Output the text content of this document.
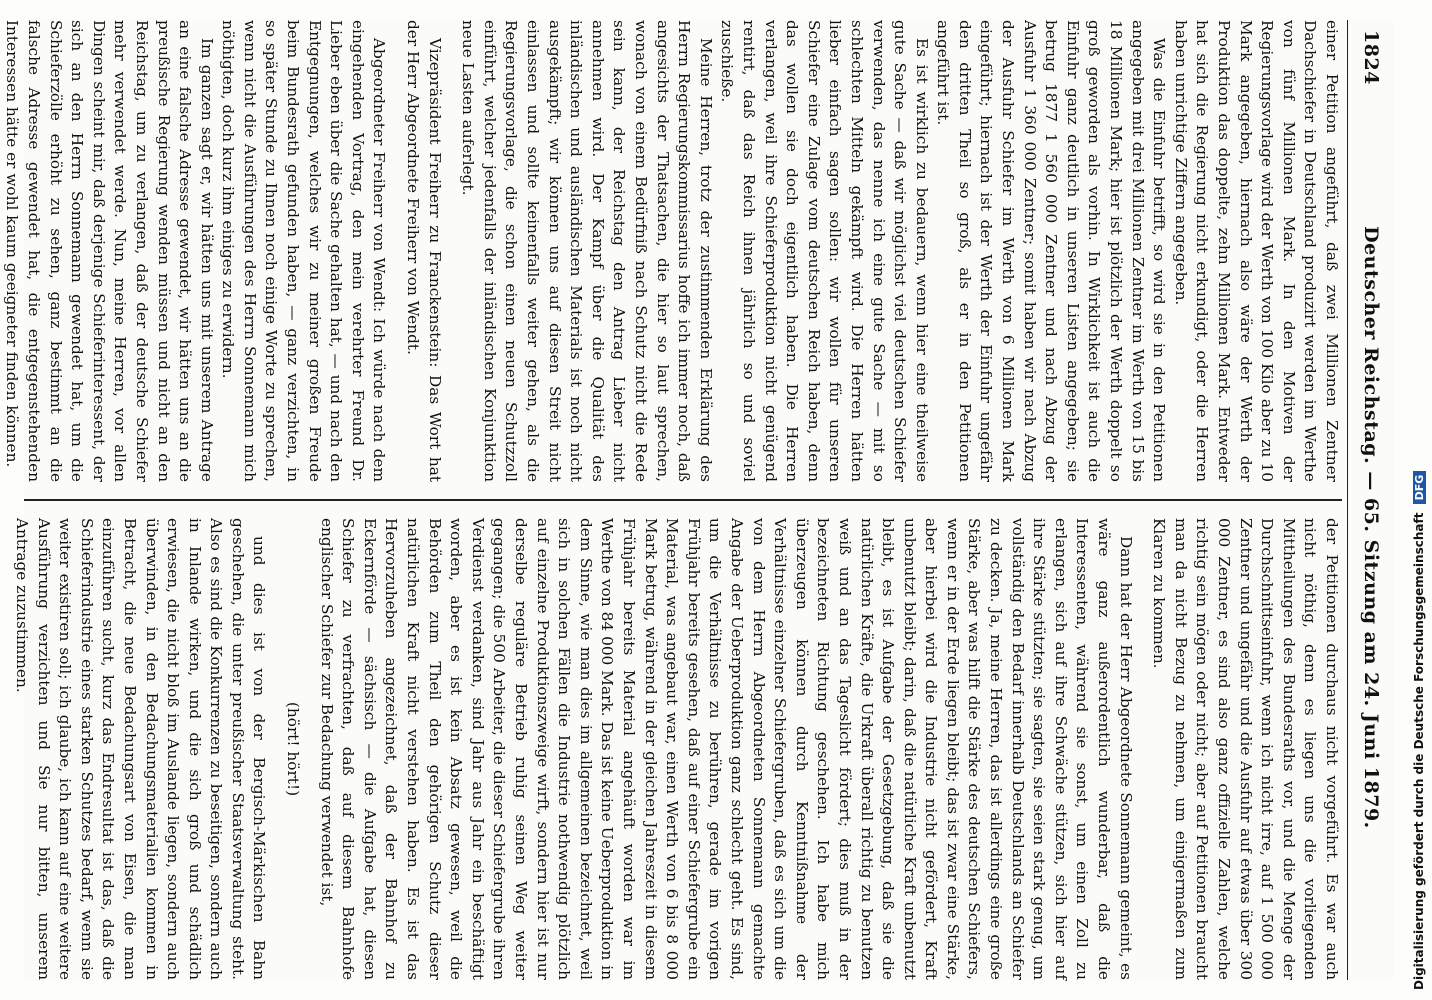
1824
Deutscher Reichstag. — 65. Sitzung am 24. Juni 1879.

einer Petition angeführt, daß zwei Millionen Zentner Dachschiefer in Deutschland produzirt werden im Werthe von fünf Millionen Mark. In den Motiven der Regierungsvorlage wird der Werth von 100 Kilo aber zu 10 Mark angegeben, hiernach also wäre der Werth der Produktion das doppelte, zehn Millionen Mark. Entweder hat sich die Regierung nicht erkundigt, oder die Herren haben unrichtige Ziffern angegeben.

Was die Einfuhr betrifft, so wird sie in den Petitionen angegeben mit drei Millionen Zentner im Werth von 15 bis 18 Millionen Mark; hier ist plötzlich der Werth doppelt so groß geworden als vorhin. In Wirklichkeit ist auch die Einfuhr ganz deutlich in unseren Listen angegeben; sie betrug 1877 1 560 000 Zentner und nach Abzug der Ausfuhr 1 360 000 Zentner; somit haben wir nach Abzug der Ausfuhr Schiefer im Werth von 6 Millionen Mark eingeführt; hiernach ist der Werth der Einfuhr ungefähr den dritten Theil so groß, als er in den Petitionen angeführt ist.

Es ist wirklich zu bedauern, wenn hier eine theilweise gute Sache — daß wir möglichst viel deutschen Schiefer verwenden, das nenne ich eine gute Sache — mit so schlechten Mitteln gekämpft wird. Die Herren hätten lieber einfach sagen sollen: wir wollen für unseren Schiefer eine Zulage vom deutschen Reich haben, denn das wollen sie doch eigentlich haben. Die Herren verlangen, weil ihre Schieferproduktion nicht genügend rentirt, daß das Reich ihnen jährlich so und soviel zuschieße.

Meine Herren, trotz der zustimmenden Erklärung des Herrn Regierungskommissarius hoffe ich immer noch, daß angesichts der Thatsachen, die hier so laut sprechen, wonach von einem Bedürfniß nach Schutz nicht die Rede sein kann, der Reichstag den Antrag Lieber nicht annehmen wird. Der Kampf über die Qualität des inländischen und ausländischen Materials ist noch nicht ausgekämpft; wir können uns auf diesen Streit nicht einlassen und sollte keinenfalls weiter gehen, als die Regierungsvorlage, die schon einen neuen Schutzzoll einführt, welcher jedenfalls der inländischen Konjunktion neue Lasten auferlegt.

Vizepräsident Freiherr zu Franckenstein: Das Wort hat der Herr Abgeordnete Freiherr von Wendt.

Abgeordneter Freiherr von Wendt: Ich würde nach dem eingehenden Vortrag, den mein verehrter Freund Dr. Lieber eben über die Sache gehalten hat, — und nach den Entgegnungen, welches wir zu meiner großen Freude beim Bundesrath gefunden haben, — ganz verzichten, in so später Stunde zu Ihnen noch einige Worte zu sprechen, wenn nicht die Ausführungen des Herrn Sonnemann mich nöthigten, doch kurz ihm einiges zu erwidern.

Im ganzen sagt er, wir hätten uns mit unserem Antrage an eine falsche Adresse gewendet, wir hätten uns an die preußische Regierung wenden müssen und nicht an den Reichstag, um zu verlangen, daß der deutsche Schiefer mehr verwendet werde. Nun, meine Herren, vor allen Dingen scheint mir, daß derjenige Schieferinteressent, der sich an den Herrn Sonnemann gewendet hat, um die Schieferzölle erhöht zu sehen, ganz bestimmt an die falsche Adresse gewendet hat, die entgegenstehenden Interessen hätte er wohl kaum geeigneter finden können.

der Petitionen durchaus nicht vorgeführt. Es war auch nicht nöthig, denn es liegen uns die vorliegenden Mittheilungen des Bundesraths vor, und die Menge der Durchschnittseinfuhr, wenn ich nicht irre, auf 1 500 000 Zentner und ungefähr und die Ausfuhr auf etwas über 300 000 Zentner, es sind also ganz offizielle Zahlen, welche richtig sein mögen oder nicht; aber auf Petitionen braucht man da nicht Bezug zu nehmen, um einigermaßen zum Klaren zu kommen.

Dann hat der Herr Abgeordnete Sonnemann gemeint, es wäre ganz außerordentlich wunderbar, daß die Interessenten, während sie sonst, um einen Zoll zu erlangen, sich auf ihre Schwäche stützen, sich hier auf ihre Stärke stützten; sie sagten, sie seien stark genug, um vollständig den Bedarf innerhalb Deutschlands an Schiefer zu decken. Ja, meine Herren, das ist allerdings eine große Stärke, aber was hilft die Stärke des deutschen Schiefers, wenn er in der Erde liegen bleibt; das ist zwar eine Stärke, aber hierbei wird die Industrie nicht gefördert, Kraft unbenutzt bleibt; darin, daß die natürliche Kraft unbenutzt bleibt, es ist Aufgabe der Gesetzgebung, daß sie die natürlichen Kräfte, die Urkraft überall richtig zu benutzen weiß und an das Tageslicht fördert; dies muß in der bezeichneten Richtung geschehen. Ich habe mich überzeugen können durch Kenntnißnahme der Verhältnisse einzelner Schiefergruben, daß es sich um die von dem Herrn Abgeordneten Sonnemann gemachte Angabe der Ueberproduktion ganz schlecht geht. Es sind, um die Verhältnisse zu berühren, gerade im vorigen Frühjahr bereits gesehen, daß auf einer Schiefergrube ein Material, was angebaut war, einen Werth von 6 bis 8 000 Mark betrug, während in der gleichen Jahreszeit in diesem Frühjahr bereits Material angehäuft worden war im Werthe von 84 000 Mark. Das ist keine Ueberproduktion in dem Sinne, wie man dies im allgemeinen bezeichnet, weil sich in solchen Fällen die Industrie nothwendig plötzlich auf einzelne Produktionszweige wirft, sondern hier ist nur derselbe reguläre Betrieb ruhig seinen Weg weiter gegangen; die 500 Arbeiter, die dieser Schiefergrube ihren Verdienst verdanken, sind Jahr aus Jahr ein beschäftigt worden, aber es ist kein Absatz gewesen, weil die Behörden zum Theil den gehörigen Schutz dieser natürlichen Kraft nicht verstehen haben. Es ist das Hervorzuheben angezeichnet, daß der Bahnhof zu Eckernförde — sächsisch — die Aufgabe hat, diesen Schiefer zu verfrachten, daß auf diesem Bahnhofe englischer Schiefer zur Bedachung verwendet ist,

(hört! hört!)

und dies ist von der Bergisch-Märkischen Bahn geschehen, die unter preußischer Staatsverwaltung steht. Also es sind die Konkurrenzen zu beseitigen, sondern auch in Inlande wirken, und die sich groß und schädlich erwiesen, die nicht bloß im Auslande liegen, sondern auch überwinden, in den Bedachungsmaterialien kommen in Betracht, die neue Bedachungsart von Eisen, die man einzuführen sucht, kurz das Endresultat ist das, daß die Schieferindustrie eines starken Schutzes bedarf, wenn sie weiter existiren soll; ich glaube, ich kann auf eine weitere Ausführung verzichten und Sie nur bitten, unserem Antrage zuzustimmen.	Digitalisierung gefördert durch die Deutsche Forschungsgemeinschaft DFG
